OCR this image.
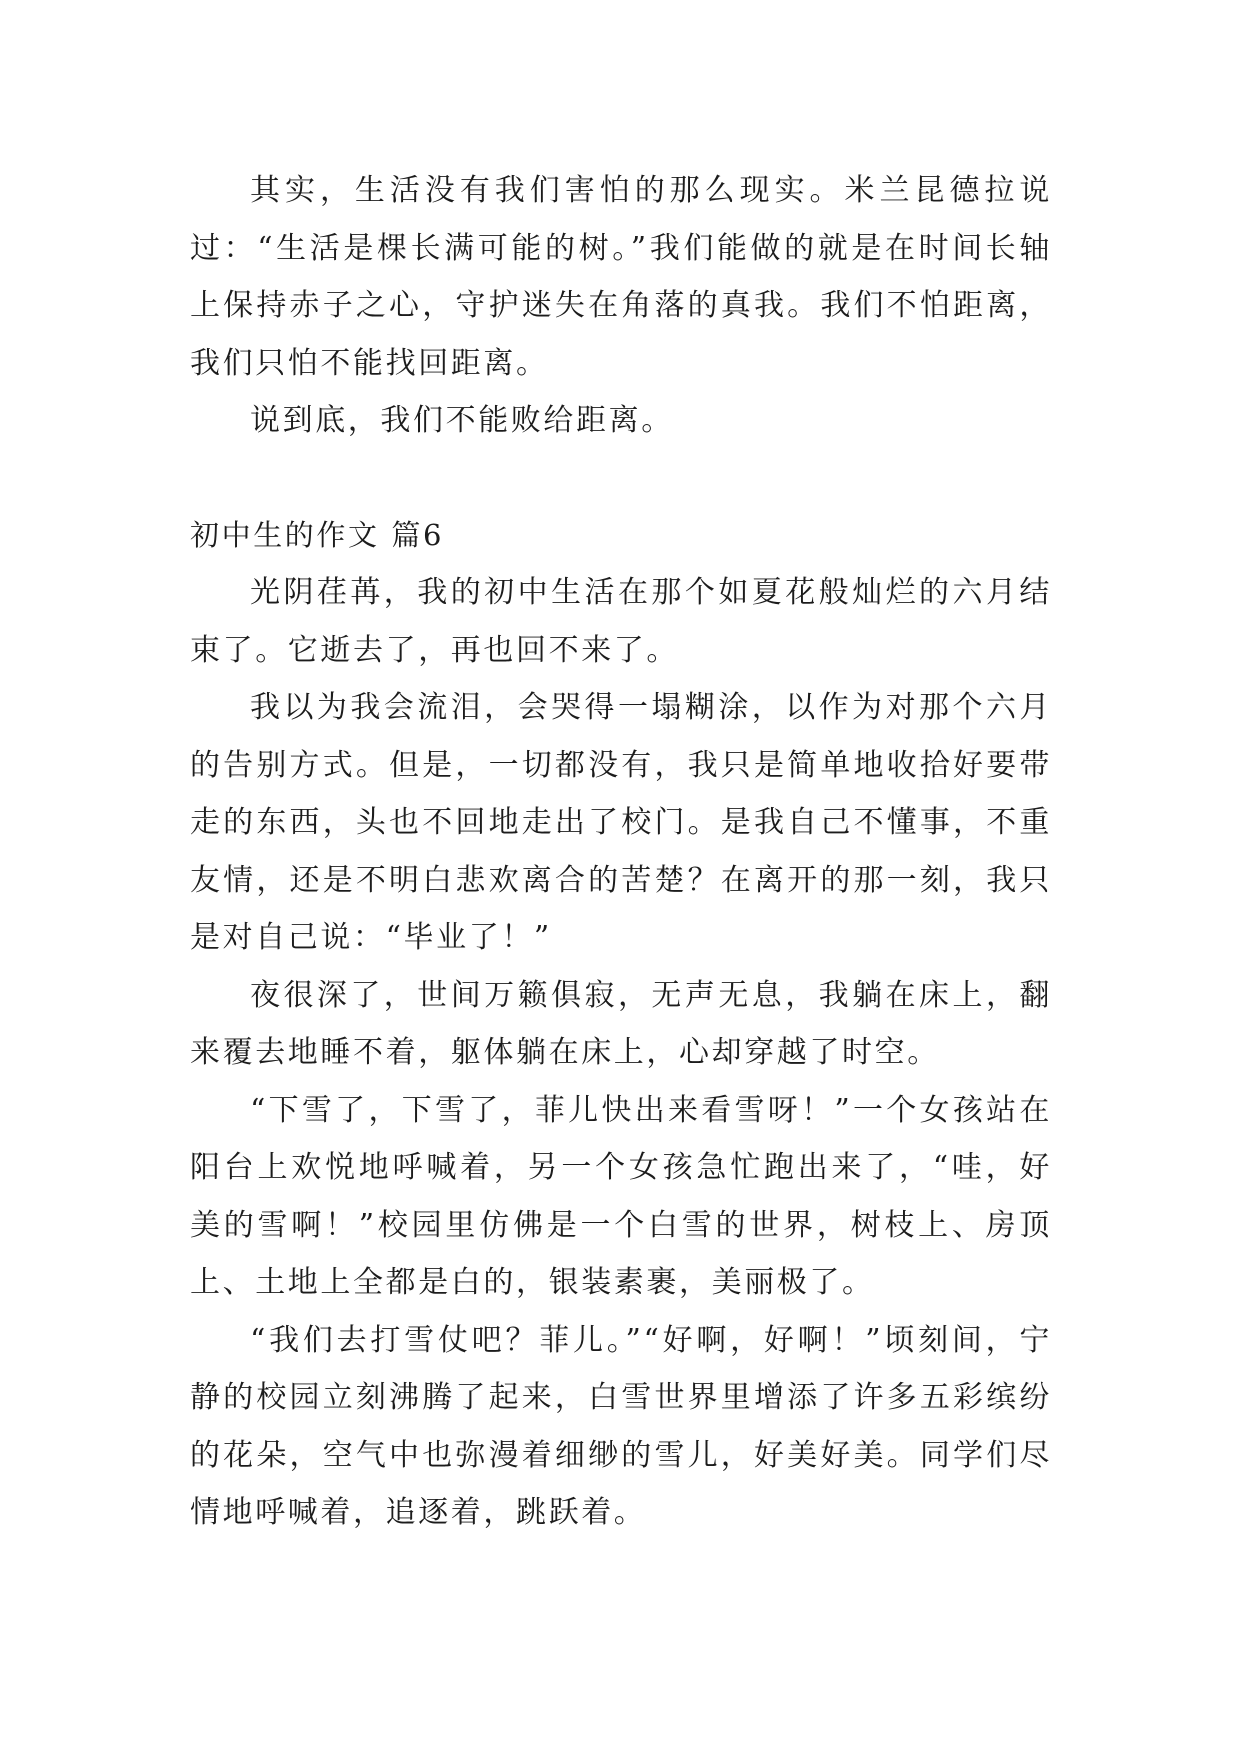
其实，生活没有我们害怕的那么现实。米兰昆德拉说过：“生活是棵长满可能的树。”我们能做的就是在时间长轴上保持赤子之心，守护迷失在角落的真我。我们不怕距离，我们只怕不能找回距离。

说到底，我们不能败给距离。

初中生的作文 篇6

光阴荏苒，我的初中生活在那个如夏花般灿烂的六月结束了。它逝去了，再也回不来了。

我以为我会流泪，会哭得一塌糊涂，以作为对那个六月的告别方式。但是，一切都没有，我只是简单地收拾好要带走的东西，头也不回地走出了校门。是我自己不懂事，不重友情，还是不明白悲欢离合的苦楚？在离开的那一刻，我只是对自己说：“毕业了！”

夜很深了，世间万籁俱寂，无声无息，我躺在床上，翻来覆去地睡不着，躯体躺在床上，心却穿越了时空。

“下雪了，下雪了，菲儿快出来看雪呀！”一个女孩站在阳台上欢悦地呼喊着，另一个女孩急忙跑出来了，“哇，好美的雪啊！”校园里仿佛是一个白雪的世界，树枝上、房顶上、土地上全都是白的，银装素裹，美丽极了。

“我们去打雪仗吧？菲儿。”“好啊，好啊！”顷刻间，宁静的校园立刻沸腾了起来，白雪世界里增添了许多五彩缤纷的花朵，空气中也弥漫着细缈的雪儿，好美好美。同学们尽情地呼喊着，追逐着，跳跃着。
